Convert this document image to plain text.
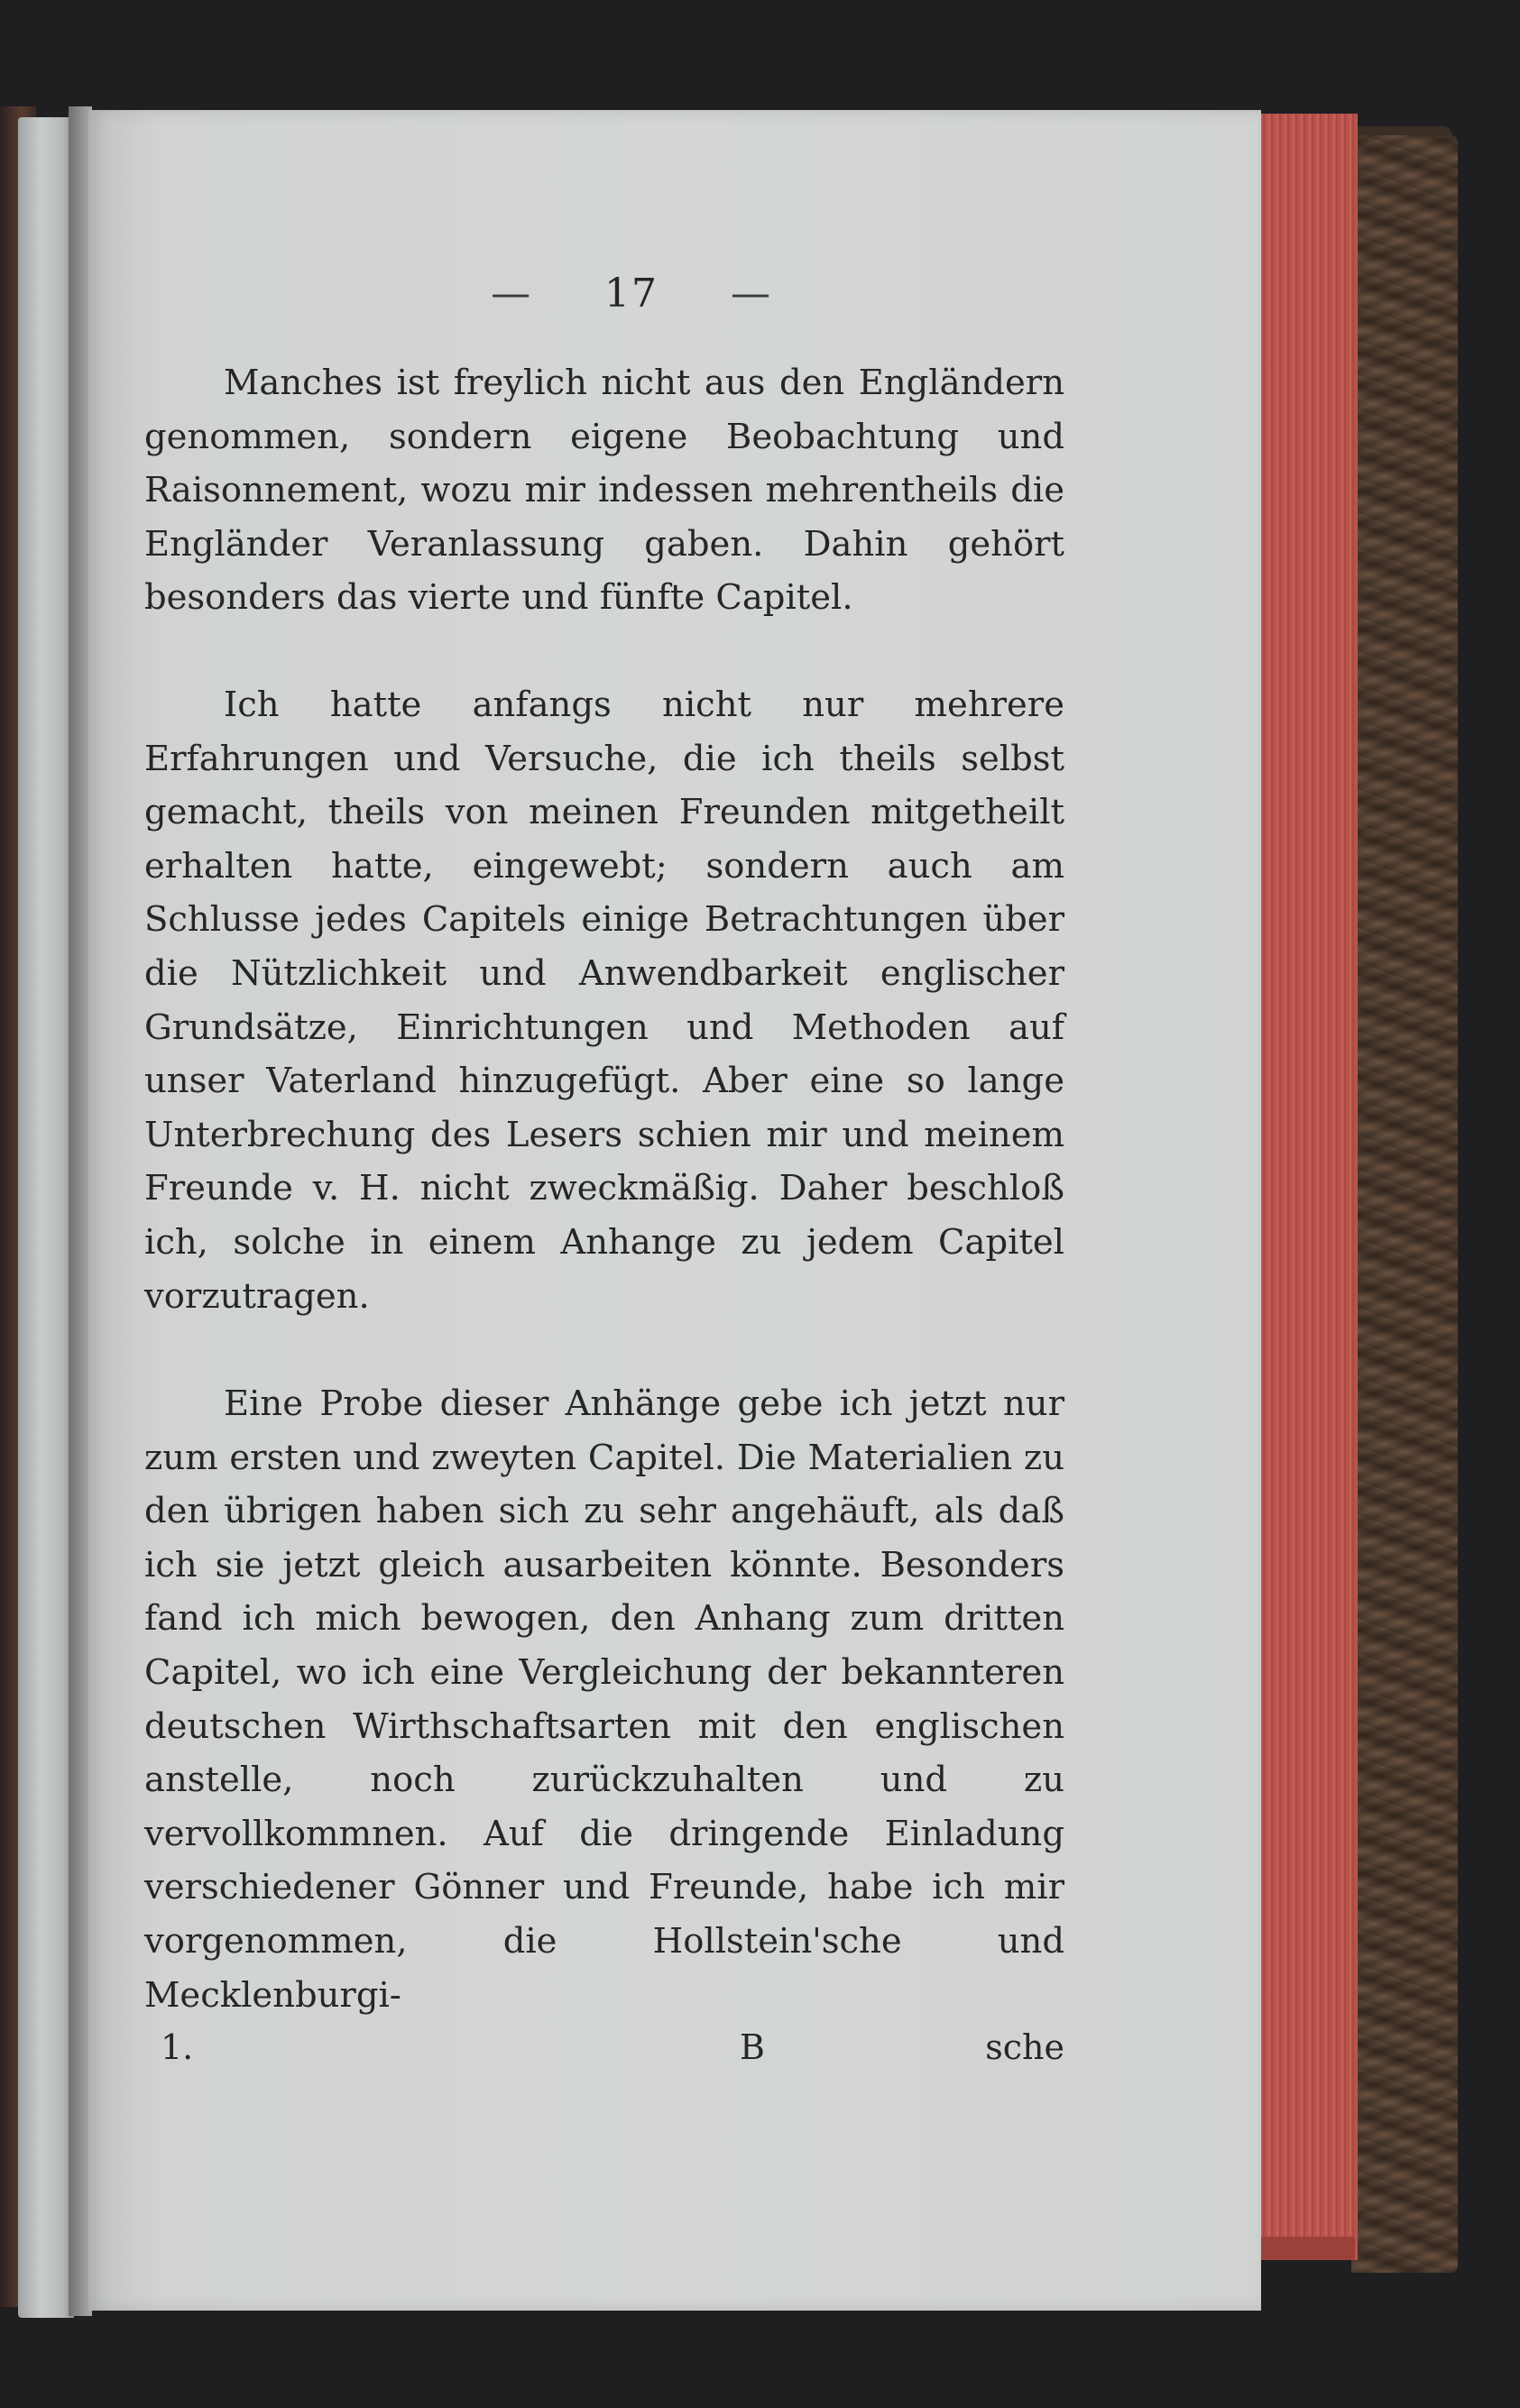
— 17 —

Manches ist freylich nicht aus den Engländern genommen, sondern eigene Beobachtung und Raisonnement, wozu mir indessen mehrentheils die Engländer Veranlassung gaben. Dahin gehört besonders das vierte und fünfte Capitel.

Ich hatte anfangs nicht nur mehrere Erfahrungen und Versuche, die ich theils selbst gemacht, theils von meinen Freunden mitgetheilt erhalten hatte, eingewebt; sondern auch am Schlusse jedes Capitels einige Betrachtungen über die Nützlichkeit und Anwendbarkeit englischer Grundsätze, Einrichtungen und Methoden auf unser Vaterland hinzugefügt. Aber eine so lange Unterbrechung des Lesers schien mir und meinem Freunde v. H. nicht zweckmäßig. Daher beschloß ich, solche in einem Anhange zu jedem Capitel vorzutragen.

Eine Probe dieser Anhänge gebe ich jetzt nur zum ersten und zweyten Capitel. Die Materialien zu den übrigen haben sich zu sehr angehäuft, als daß ich sie jetzt gleich ausarbeiten könnte. Besonders fand ich mich bewogen, den Anhang zum dritten Capitel, wo ich eine Vergleichung der bekannteren deutschen Wirthschaftsarten mit den englischen anstelle, noch zurückzuhalten und zu vervollkommnen. Auf die dringende Einladung verschiedener Gönner und Freunde, habe ich mir vorgenommen, die Hollstein'sche und Mecklenburgi-

1.	B	sche
